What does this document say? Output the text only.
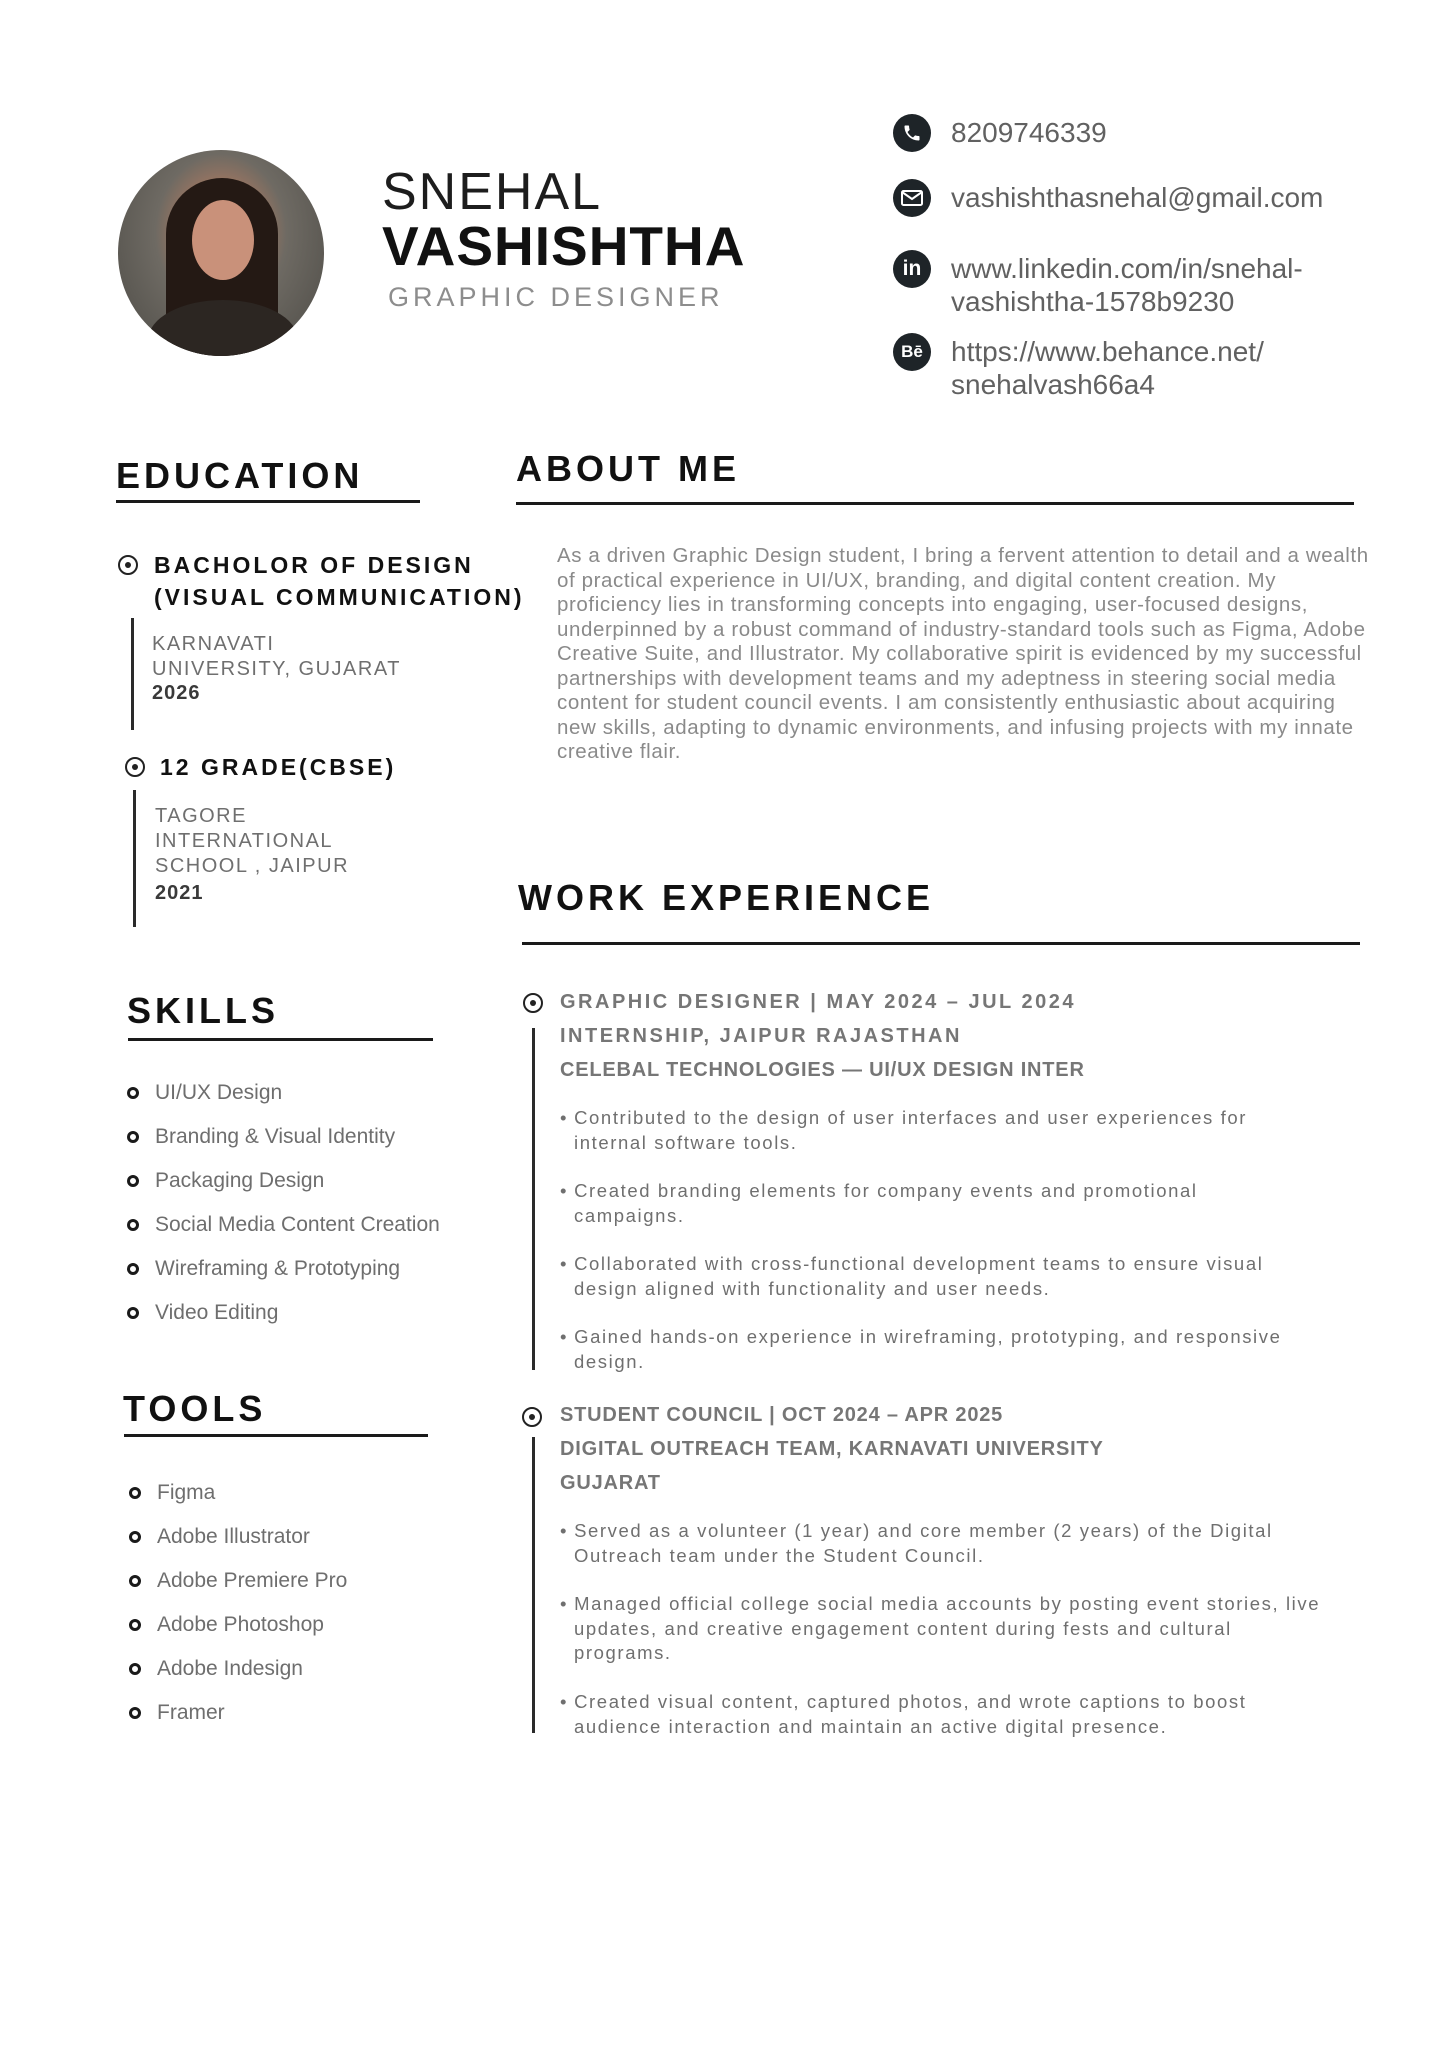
SNEHAL
VASHISHTHA
GRAPHIC DESIGNER
8209746339
vashishthasnehal@gmail.com
in	www.linkedin.com/in/snehal-
vashishtha-1578b9230
Bē https://www.behance.net/
snehalvash66a4
EDUCATION
BACHOLOR OF DESIGN
(VISUAL COMMUNICATION)
KARNAVATI
UNIVERSITY, GUJARAT
2026
12 GRADE(CBSE)
TAGORE
INTERNATIONAL
SCHOOL , JAIPUR
2021
ABOUT ME
As a driven Graphic Design student, I bring a fervent attention to detail and a wealth of practical experience in UI/UX, branding, and digital content creation. My proficiency lies in transforming concepts into engaging, user-focused designs, underpinned by a robust command of industry-standard tools such as Figma, Adobe Creative Suite, and Illustrator. My collaborative spirit is evidenced by my successful partnerships with development teams and my adeptness in steering social media content for student council events. I am consistently enthusiastic about acquiring new skills, adapting to dynamic environments, and infusing projects with my innate creative flair.
SKILLS
UI/UX Design
Branding & Visual Identity
Packaging Design
Social Media Content Creation
Wireframing & Prototyping
Video Editing
TOOLS
Figma
Adobe Illustrator
Adobe Premiere Pro
Adobe Photoshop
Adobe Indesign
Framer
WORK EXPERIENCE
GRAPHIC DESIGNER | MAY 2024 – JUL 2024
INTERNSHIP, JAIPUR RAJASTHAN
CELEBAL TECHNOLOGIES — UI/UX DESIGN INTER
• Contributed to the design of user interfaces and user experiences for
internal software tools.
• Created branding elements for company events and promotional
campaigns.
• Collaborated with cross-functional development teams to ensure visual
design aligned with functionality and user needs.
• Gained hands-on experience in wireframing, prototyping, and responsive
design.
STUDENT COUNCIL | OCT 2024 – APR 2025
DIGITAL OUTREACH TEAM, KARNAVATI UNIVERSITY
GUJARAT
• Served as a volunteer (1 year) and core member (2 years) of the Digital
Outreach team under the Student Council.
• Managed official college social media accounts by posting event stories, live
updates, and creative engagement content during fests and cultural
programs.
• Created visual content, captured photos, and wrote captions to boost
audience interaction and maintain an active digital presence.
